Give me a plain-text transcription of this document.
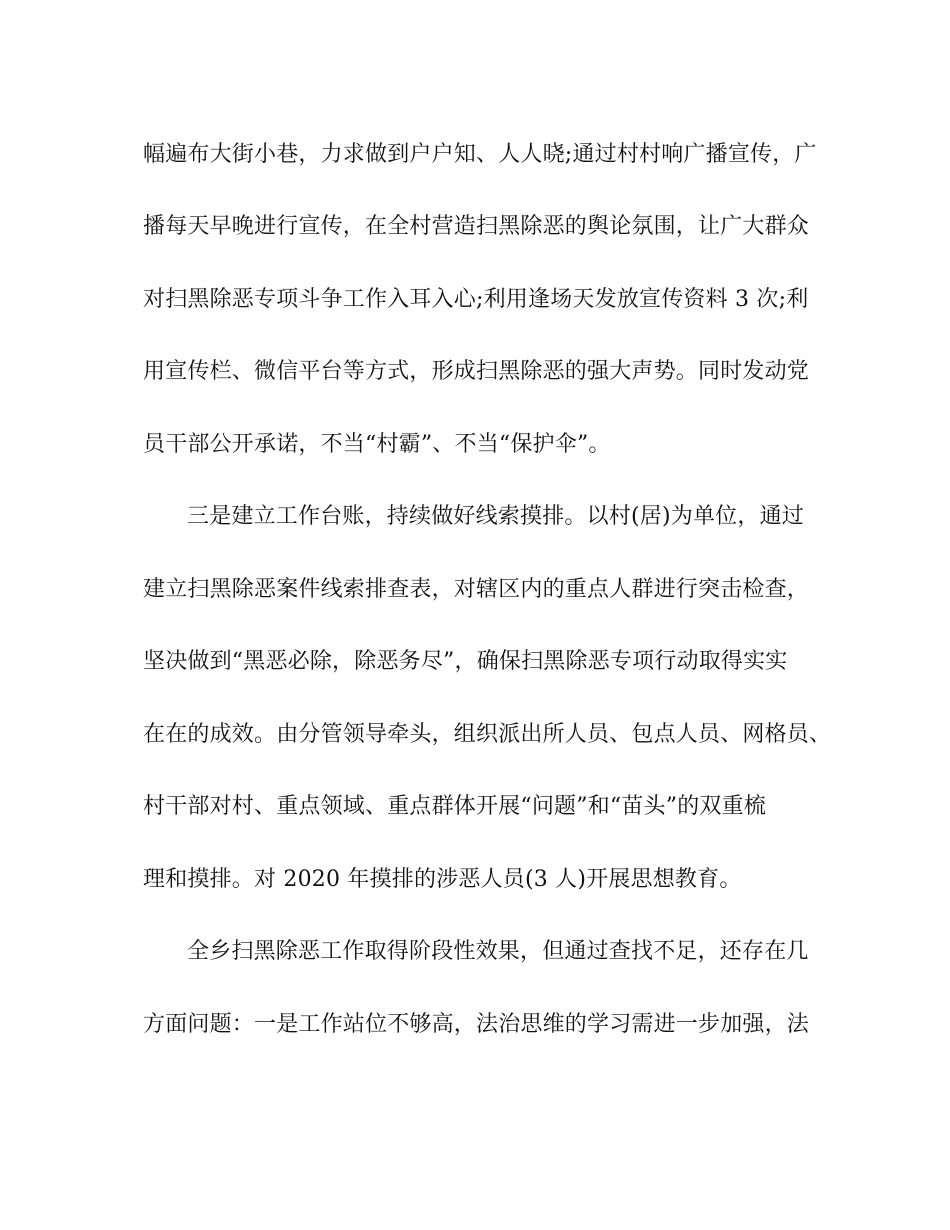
幅遍布大街小巷，力求做到户户知、人人晓;通过村村响广播宣传，广
播每天早晚进行宣传，在全村营造扫黑除恶的舆论氛围，让广大群众
对扫黑除恶专项斗争工作入耳入心;利用逢场天发放宣传资料 3 次;利
用宣传栏、微信平台等方式，形成扫黑除恶的强大声势。同时发动党
员干部公开承诺，不当“村霸”、不当“保护伞”。
三是建立工作台账，持续做好线索摸排。以村(居)为单位，通过
建立扫黑除恶案件线索排查表，对辖区内的重点人群进行突击检查，
坚决做到“黑恶必除，除恶务尽”，确保扫黑除恶专项行动取得实实
在在的成效。由分管领导牵头，组织派出所人员、包点人员、网格员、
村干部对村、重点领域、重点群体开展“问题”和“苗头”的双重梳
理和摸排。对 2020 年摸排的涉恶人员(3 人)开展思想教育。
全乡扫黑除恶工作取得阶段性效果，但通过查找不足，还存在几
方面问题：一是工作站位不够高，法治思维的学习需进一步加强，法
